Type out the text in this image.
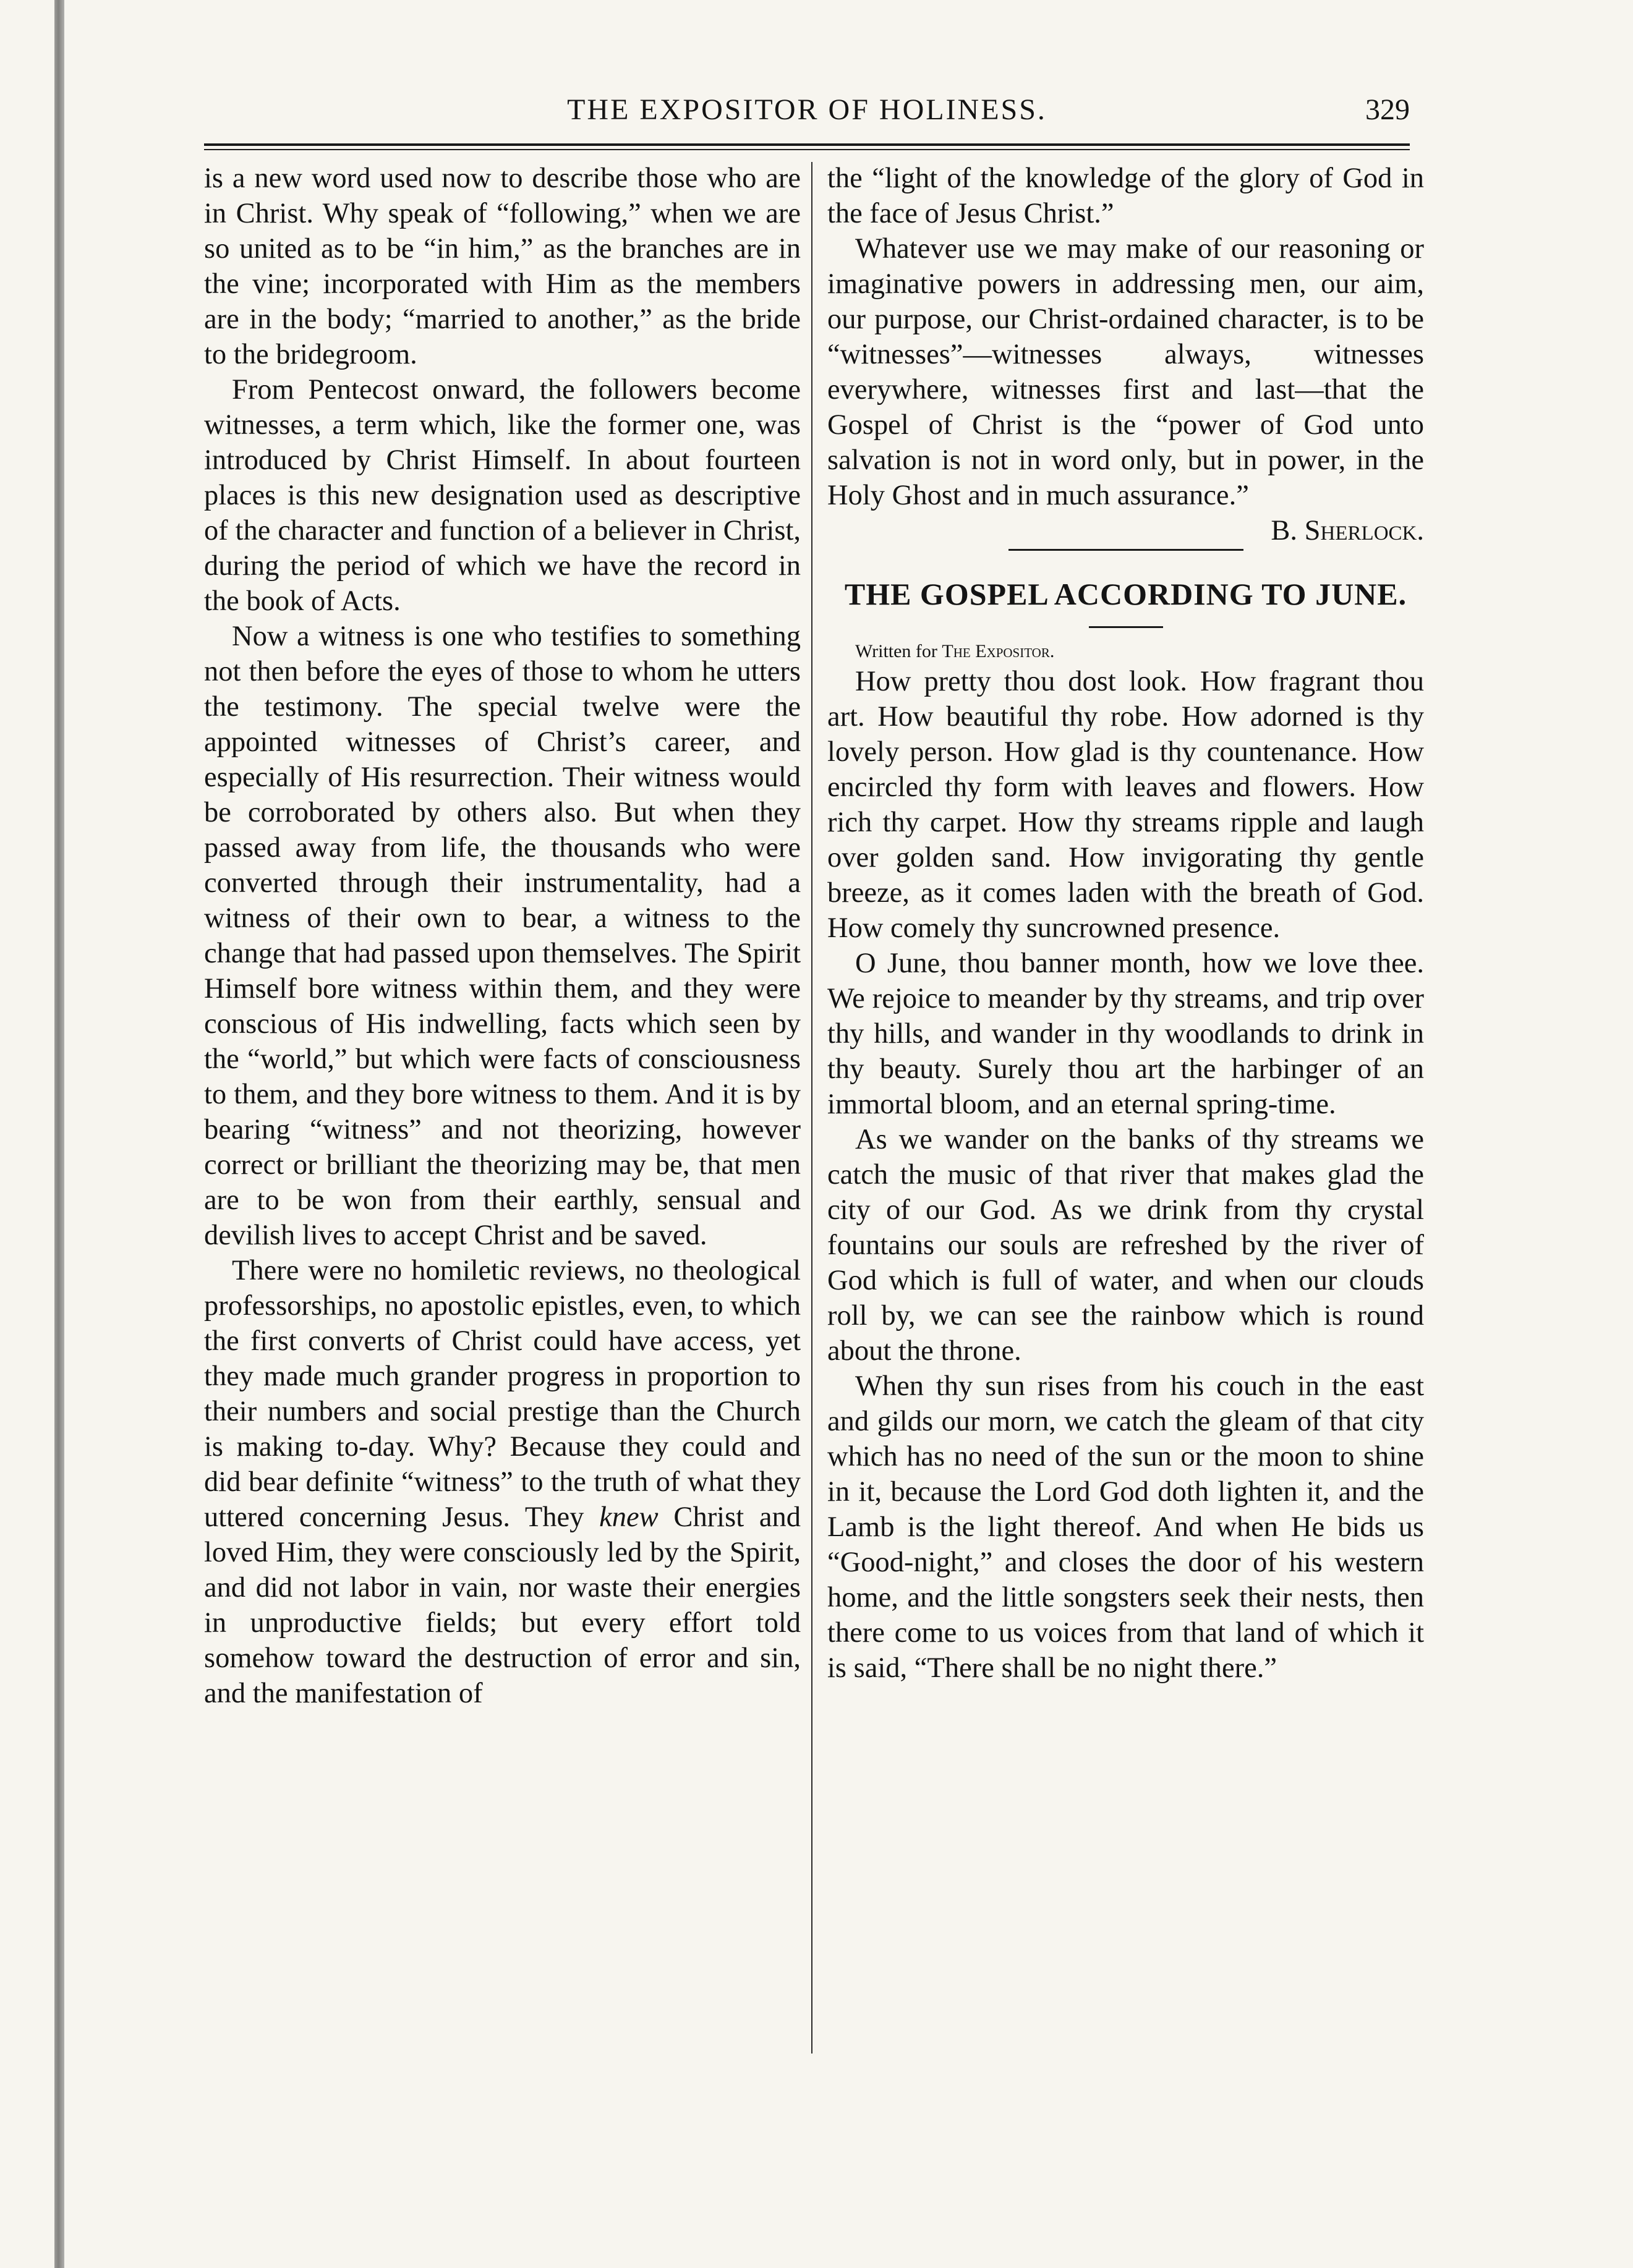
THE EXPOSITOR OF HOLINESS.	329

is a new word used now to describe those who are in Christ. Why speak of “following,” when we are so united as to be “in him,” as the branches are in the vine; incorporated with Him as the members are in the body; “married to another,” as the bride to the bridegroom.

From Pentecost onward, the followers become witnesses, a term which, like the former one, was introduced by Christ Himself. In about fourteen places is this new designation used as descriptive of the character and function of a believer in Christ, during the period of which we have the record in the book of Acts.

Now a witness is one who testifies to something not then before the eyes of those to whom he utters the testimony. The special twelve were the appointed witnesses of Christ’s career, and especially of His resurrection. Their witness would be corroborated by others also. But when they passed away from life, the thousands who were converted through their instrumentality, had a witness of their own to bear, a witness to the change that had passed upon themselves. The Spirit Himself bore witness within them, and they were conscious of His indwelling, facts which seen by the “world,” but which were facts of consciousness to them, and they bore witness to them. And it is by bearing “witness” and not theorizing, however correct or brilliant the theorizing may be, that men are to be won from their earthly, sensual and devilish lives to accept Christ and be saved.

There were no homiletic reviews, no theological professorships, no apostolic epistles, even, to which the first converts of Christ could have access, yet they made much grander progress in proportion to their numbers and social prestige than the Church is making to-day. Why? Because they could and did bear definite “witness” to the truth of what they uttered concerning Jesus. They knew Christ and loved Him, they were consciously led by the Spirit, and did not labor in vain, nor waste their energies in unproductive fields; but every effort told somehow toward the destruction of error and sin, and the manifestation of

the “light of the knowledge of the glory of God in the face of Jesus Christ.”

Whatever use we may make of our reasoning or imaginative powers in addressing men, our aim, our purpose, our Christ-ordained character, is to be “witnesses”—witnesses always, witnesses everywhere, witnesses first and last—that the Gospel of Christ is the “power of God unto salvation is not in word only, but in power, in the Holy Ghost and in much assurance.”
B. Sherlock.

THE GOSPEL ACCORDING TO JUNE.

Written for The Expositor.

How pretty thou dost look. How fragrant thou art. How beautiful thy robe. How adorned is thy lovely person. How glad is thy countenance. How encircled thy form with leaves and flowers. How rich thy carpet. How thy streams ripple and laugh over golden sand. How invigorating thy gentle breeze, as it comes laden with the breath of God. How comely thy suncrowned presence.

O June, thou banner month, how we love thee. We rejoice to meander by thy streams, and trip over thy hills, and wander in thy woodlands to drink in thy beauty. Surely thou art the harbinger of an immortal bloom, and an eternal spring-time.

As we wander on the banks of thy streams we catch the music of that river that makes glad the city of our God. As we drink from thy crystal fountains our souls are refreshed by the river of God which is full of water, and when our clouds roll by, we can see the rainbow which is round about the throne.

When thy sun rises from his couch in the east and gilds our morn, we catch the gleam of that city which has no need of the sun or the moon to shine in it, because the Lord God doth lighten it, and the Lamb is the light thereof. And when He bids us “Good-night,” and closes the door of his western home, and the little songsters seek their nests, then there come to us voices from that land of which it is said, “There shall be no night there.”
